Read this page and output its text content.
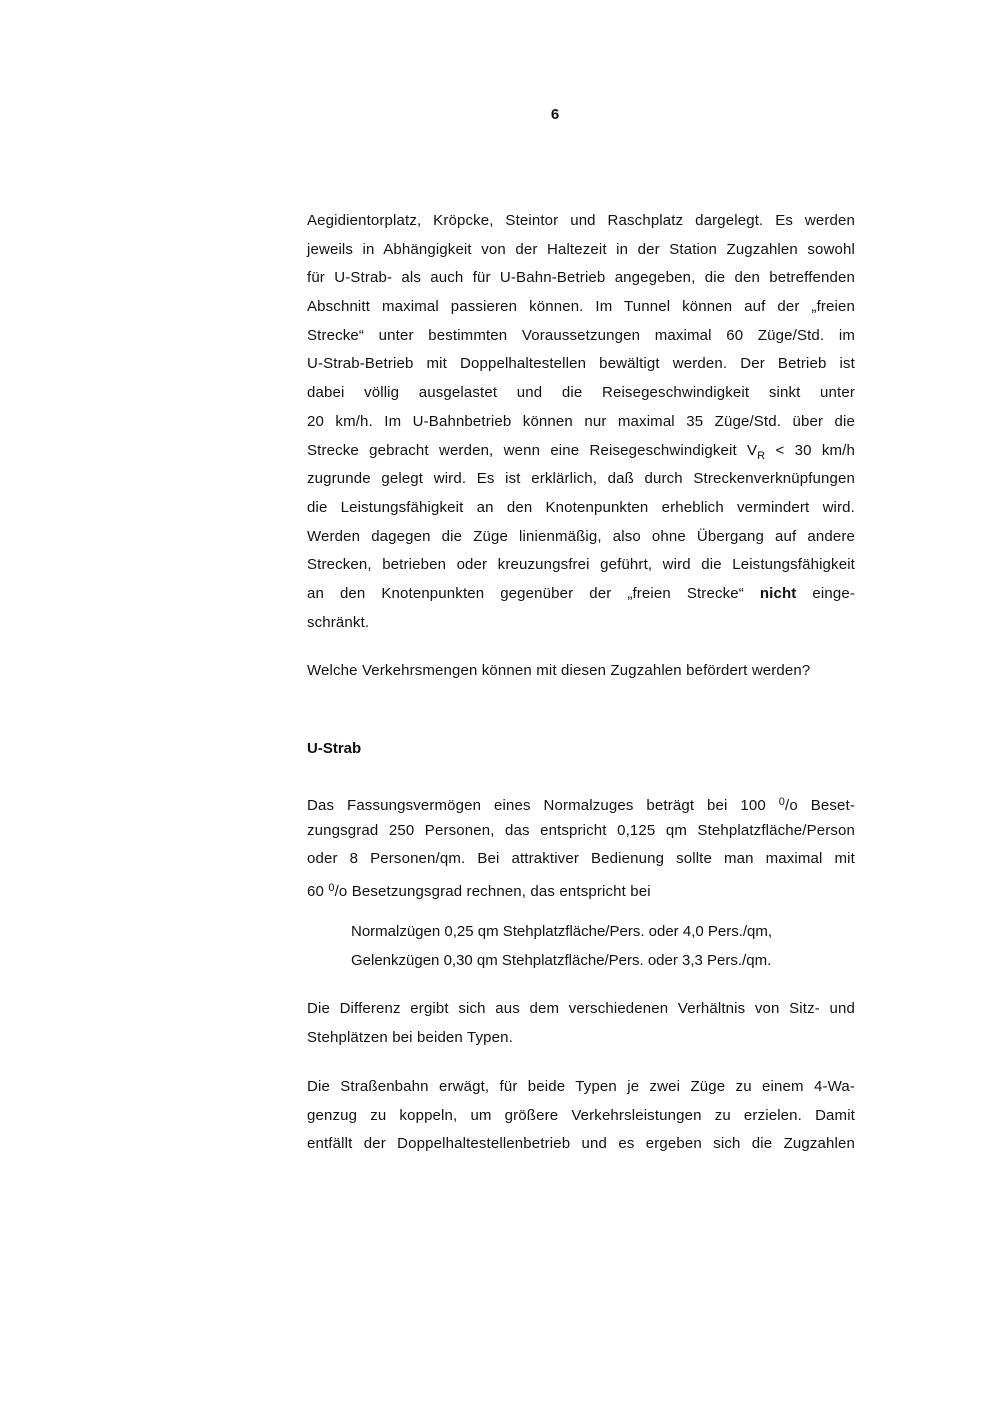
6
Aegidientorplatz, Kröpcke, Steintor und Raschplatz dargelegt. Es werden
jeweils in Abhängigkeit von der Haltezeit in der Station Zugzahlen sowohl
für U-Strab- als auch für U-Bahn-Betrieb angegeben, die den betreffenden
Abschnitt maximal passieren können. Im Tunnel können auf der „freien
Strecke“ unter bestimmten Voraussetzungen maximal 60 Züge/Std. im
U-Strab-Betrieb mit Doppelhaltestellen bewältigt werden. Der Betrieb ist
dabei völlig ausgelastet und die Reisegeschwindigkeit sinkt unter
20 km/h. Im U-Bahnbetrieb können nur maximal 35 Züge/Std. über die
Strecke gebracht werden, wenn eine Reisegeschwindigkeit $V_R < 30$ km/h
zugrunde gelegt wird. Es ist erklärlich, daß durch Streckenverknüpfungen
die Leistungsfähigkeit an den Knotenpunkten erheblich vermindert wird.
Werden dagegen die Züge linienmäßig, also ohne Übergang auf andere
Strecken, betrieben oder kreuzungsfrei geführt, wird die Leistungsfähigkeit
an den Knotenpunkten gegenüber der „freien Strecke“ nicht einge-
schränkt.
Welche Verkehrsmengen können mit diesen Zugzahlen befördert werden?
U-Strab
Das Fassungsvermögen eines Normalzuges beträgt bei 100 $^0$/o Beset-
zungsgrad 250 Personen, das entspricht 0,125 qm Stehplatzfläche/Person
oder 8 Personen/qm. Bei attraktiver Bedienung sollte man maximal mit
60 $^0$/o Besetzungsgrad rechnen, das entspricht bei
Normalzügen 0,25 qm Stehplatzfläche/Pers. oder 4,0 Pers./qm,
Gelenkzügen 0,30 qm Stehplatzfläche/Pers. oder 3,3 Pers./qm.
Die Differenz ergibt sich aus dem verschiedenen Verhältnis von Sitz- und
Stehplätzen bei beiden Typen.
Die Straßenbahn erwägt, für beide Typen je zwei Züge zu einem 4-Wa-
genzug zu koppeln, um größere Verkehrsleistungen zu erzielen. Damit
entfällt der Doppelhaltestellenbetrieb und es ergeben sich die Zugzahlen
